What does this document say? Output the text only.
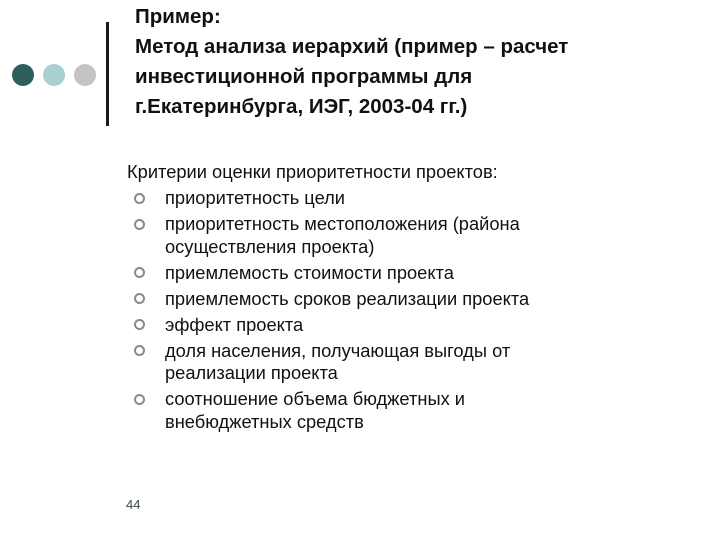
Пример:
Метод анализа иерархий (пример – расчет
инвестиционной программы для
г.Екатеринбурга, ИЭГ, 2003-04 гг.)

Критерии оценки приоритетности проектов:

приоритетность цели
приоритетность местоположения (района
осуществления проекта)
приемлемость стоимости проекта
приемлемость сроков реализации проекта
эффект проекта
доля населения, получающая выгоды от
реализации проекта
соотношение объема бюджетных и
внебюджетных средств
44
